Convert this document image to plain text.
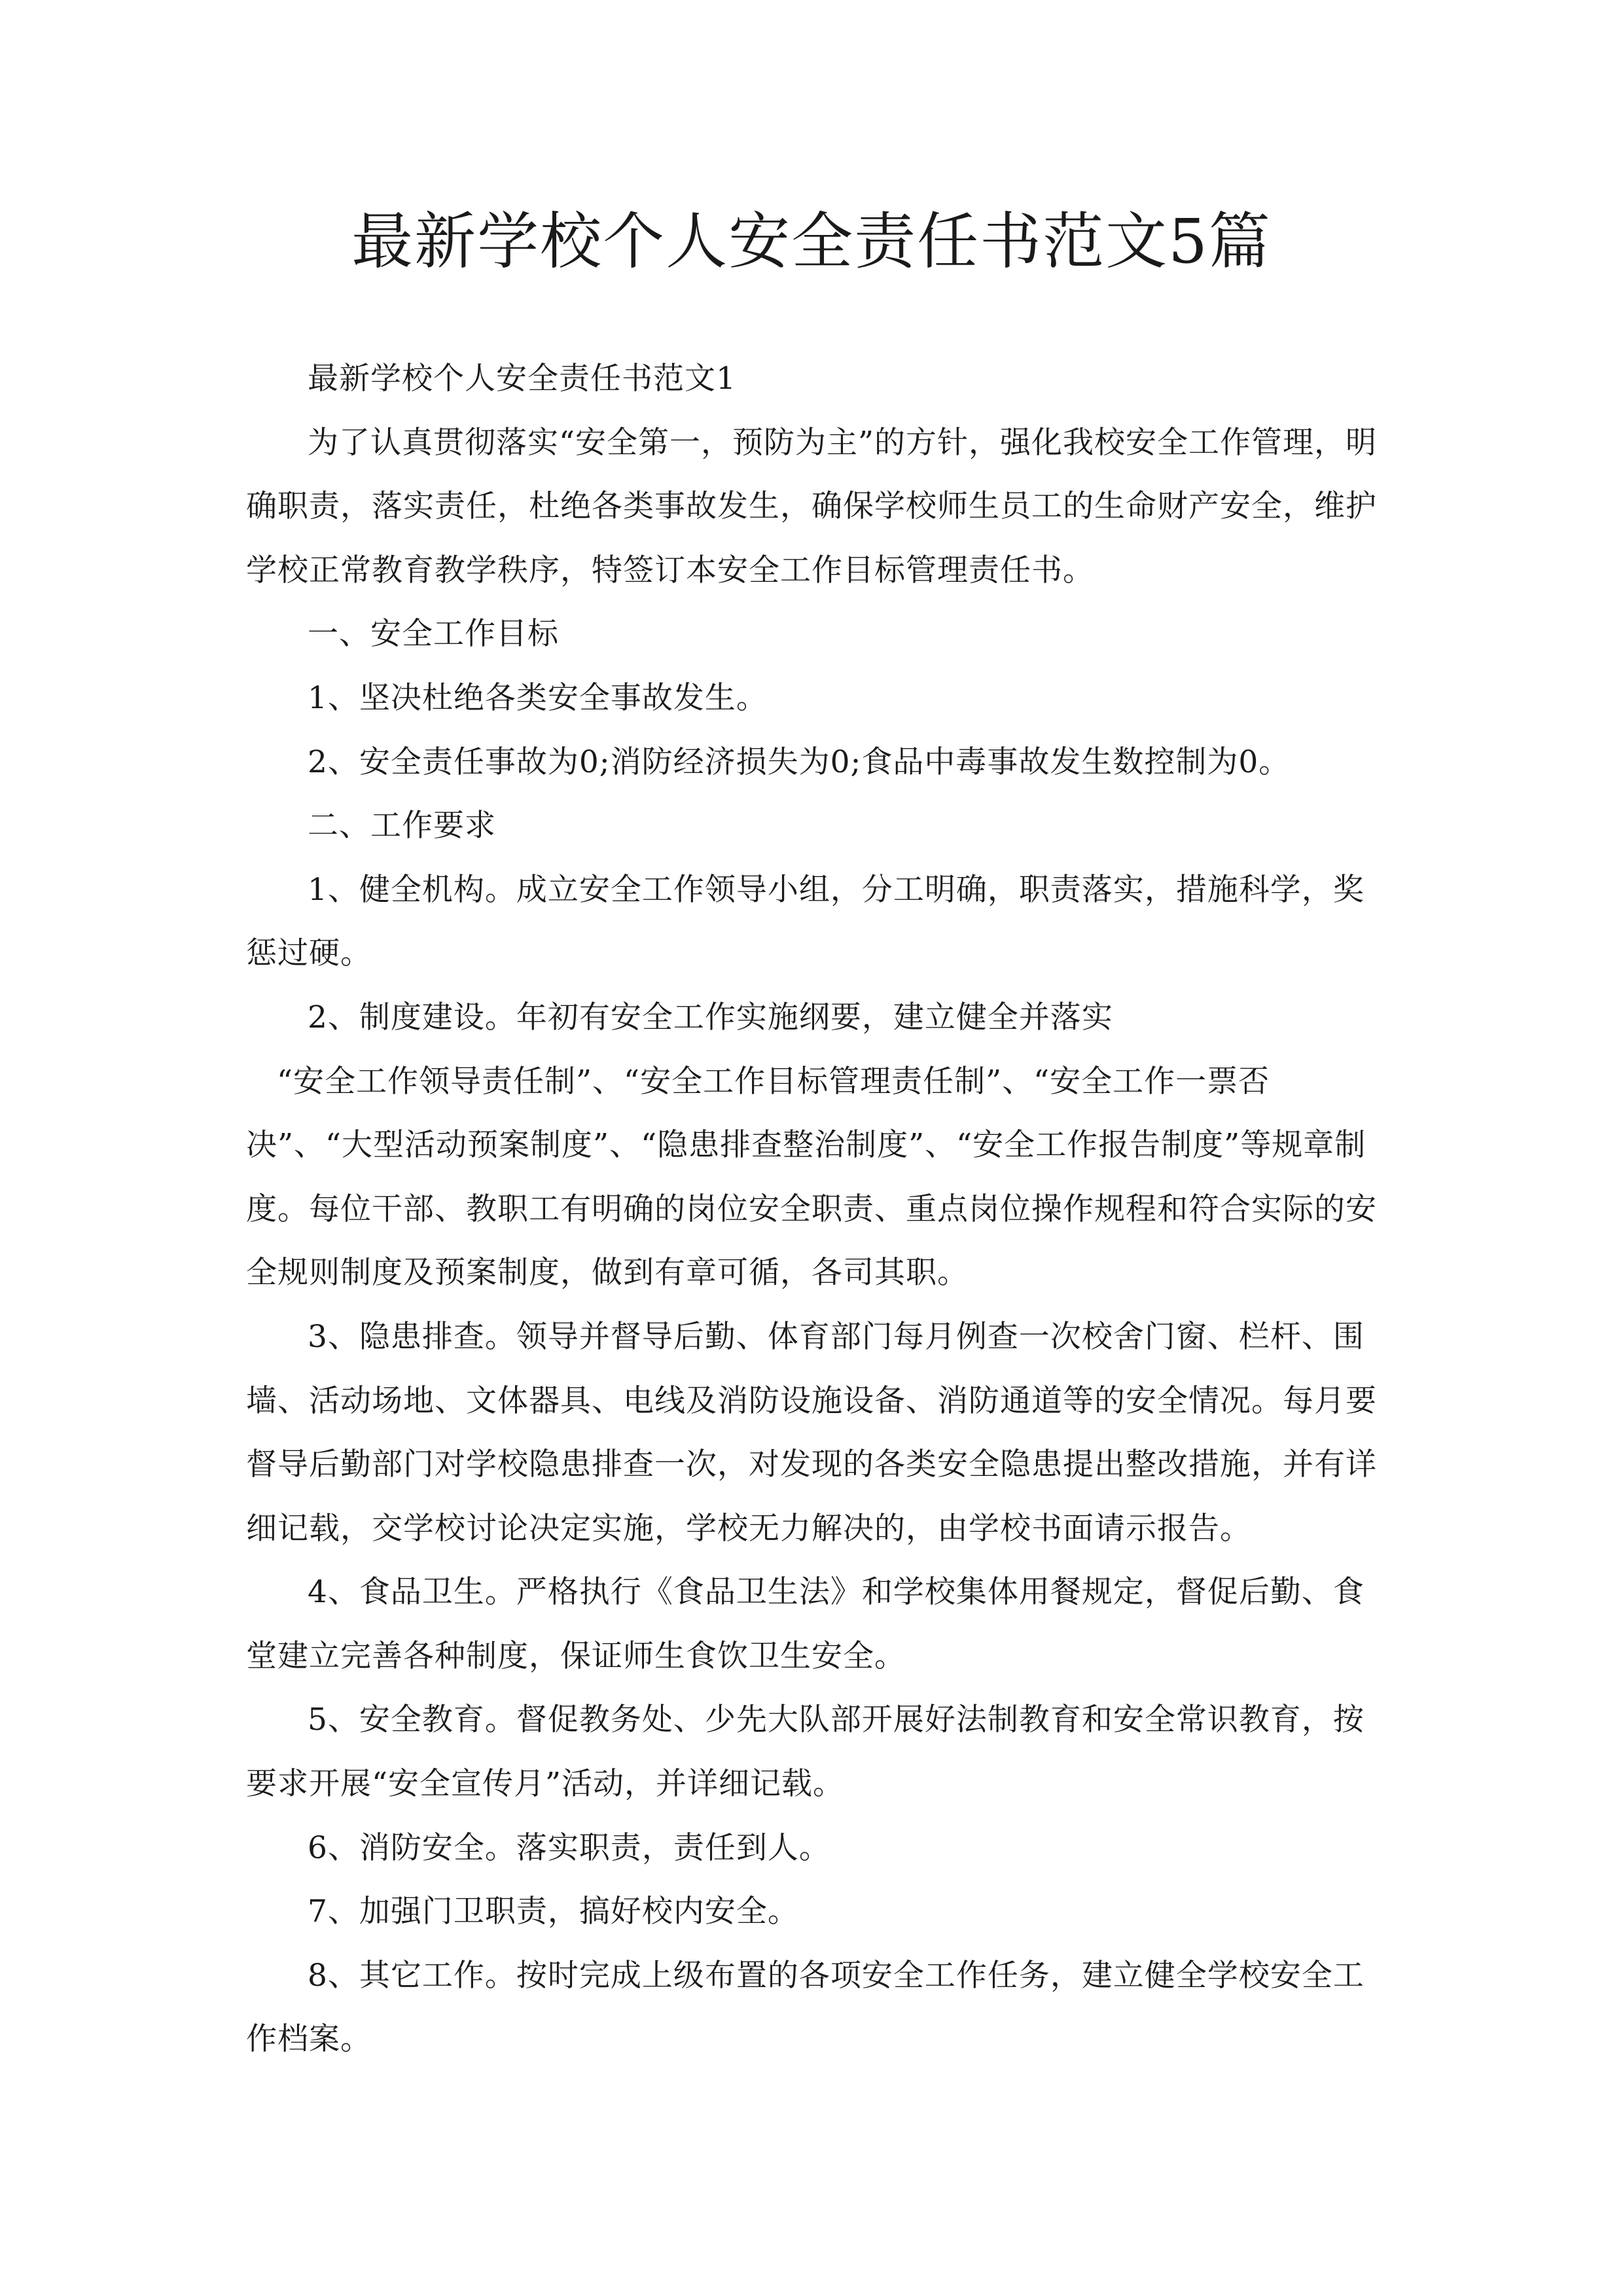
最新学校个人安全责任书范文5篇

最新学校个人安全责任书范文1

为了认真贯彻落实“安全第一，预防为主”的方针，强化我校安全工作管理，明确职责，落实责任，杜绝各类事故发生，确保学校师生员工的生命财产安全，维护学校正常教育教学秩序，特签订本安全工作目标管理责任书。

一、安全工作目标

1、坚决杜绝各类安全事故发生。

2、安全责任事故为0;消防经济损失为0;食品中毒事故发生数控制为0。

二、工作要求

1、健全机构。成立安全工作领导小组，分工明确，职责落实，措施科学，奖惩过硬。

2、制度建设。年初有安全工作实施纲要，建立健全并落实

“安全工作领导责任制”、“安全工作目标管理责任制”、“安全工作一票否决”、“大型活动预案制度”、“隐患排查整治制度”、“安全工作报告制度”等规章制度。每位干部、教职工有明确的岗位安全职责、重点岗位操作规程和符合实际的安全规则制度及预案制度，做到有章可循，各司其职。

3、隐患排查。领导并督导后勤、体育部门每月例查一次校舍门窗、栏杆、围墙、活动场地、文体器具、电线及消防设施设备、消防通道等的安全情况。每月要督导后勤部门对学校隐患排查一次，对发现的各类安全隐患提出整改措施，并有详细记载，交学校讨论决定实施，学校无力解决的，由学校书面请示报告。

4、食品卫生。严格执行《食品卫生法》和学校集体用餐规定，督促后勤、食堂建立完善各种制度，保证师生食饮卫生安全。

5、安全教育。督促教务处、少先大队部开展好法制教育和安全常识教育，按要求开展“安全宣传月”活动，并详细记载。

6、消防安全。落实职责，责任到人。

7、加强门卫职责，搞好校内安全。

8、其它工作。按时完成上级布置的各项安全工作任务，建立健全学校安全工作档案。
